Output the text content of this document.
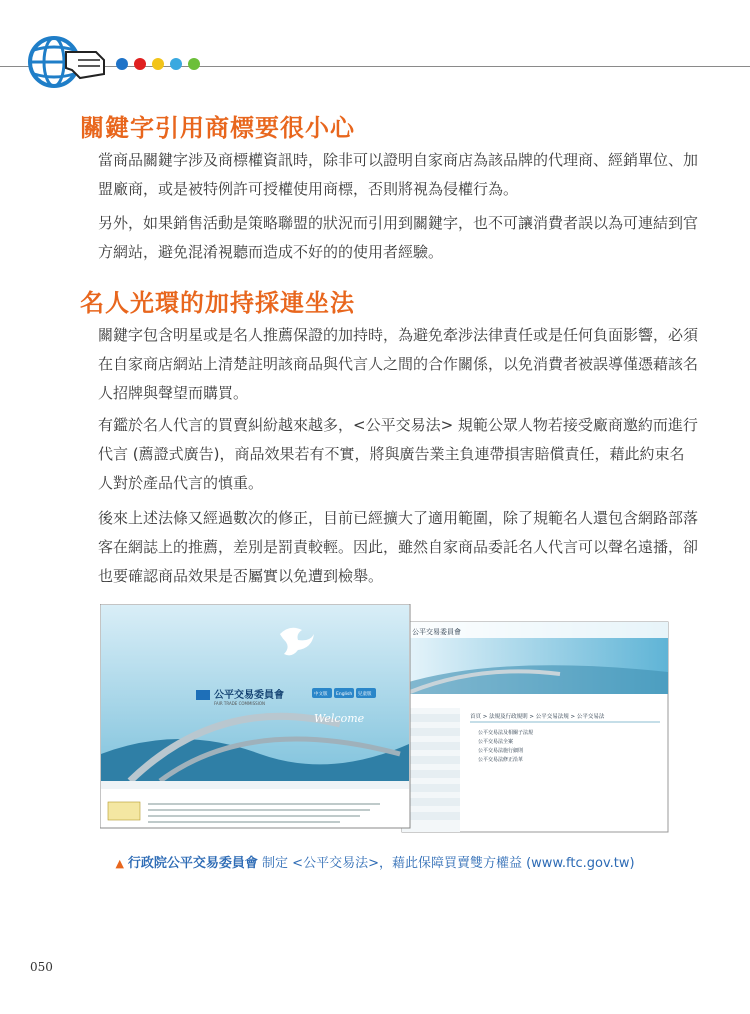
關鍵字引用商標要很小心

當商品關鍵字涉及商標權資訊時，除非可以證明自家商店為該品牌的代理商、經銷單位、加盟廠商，或是被特例許可授權使用商標，否則將視為侵權行為。

另外，如果銷售活動是策略聯盟的狀況而引用到關鍵字，也不可讓消費者誤以為可連結到官方網站，避免混淆視聽而造成不好的的使用者經驗。

名人光環的加持採連坐法

關鍵字包含明星或是名人推薦保證的加持時，為避免牽涉法律責任或是任何負面影響，必須在自家商店網站上清楚註明該商品與代言人之間的合作關係，以免消費者被誤導僅憑藉該名人招牌與聲望而購買。

有鑑於名人代言的買賣糾紛越來越多，<公平交易法> 規範公眾人物若接受廠商邀約而進行代言 (薦證式廣告)，商品效果若有不實，將與廣告業主負連帶損害賠償責任，藉此約束名人對於產品代言的慎重。

後來上述法條又經過數次的修正，目前已經擴大了適用範圍，除了規範名人還包含網路部落客在網誌上的推薦，差別是罰責較輕。因此，雖然自家商品委託名人代言可以聲名遠播，卻也要確認商品效果是否屬實以免遭到檢舉。

公平交易委員會
首頁 > 法規及行政規則 > 公平交易法規 > 公平交易法
公平交易法及相關子法規
公平交易法全案
公平交易法施行細則
公平交易法修正沿革
公平交易委員會
FAIR TRADE COMMISSION
中文版 English 兒童版
Welcome
▲ 行政院公平交易委員會 制定 <公平交易法>，藉此保障買賣雙方權益 (www.ftc.gov.tw)
050
